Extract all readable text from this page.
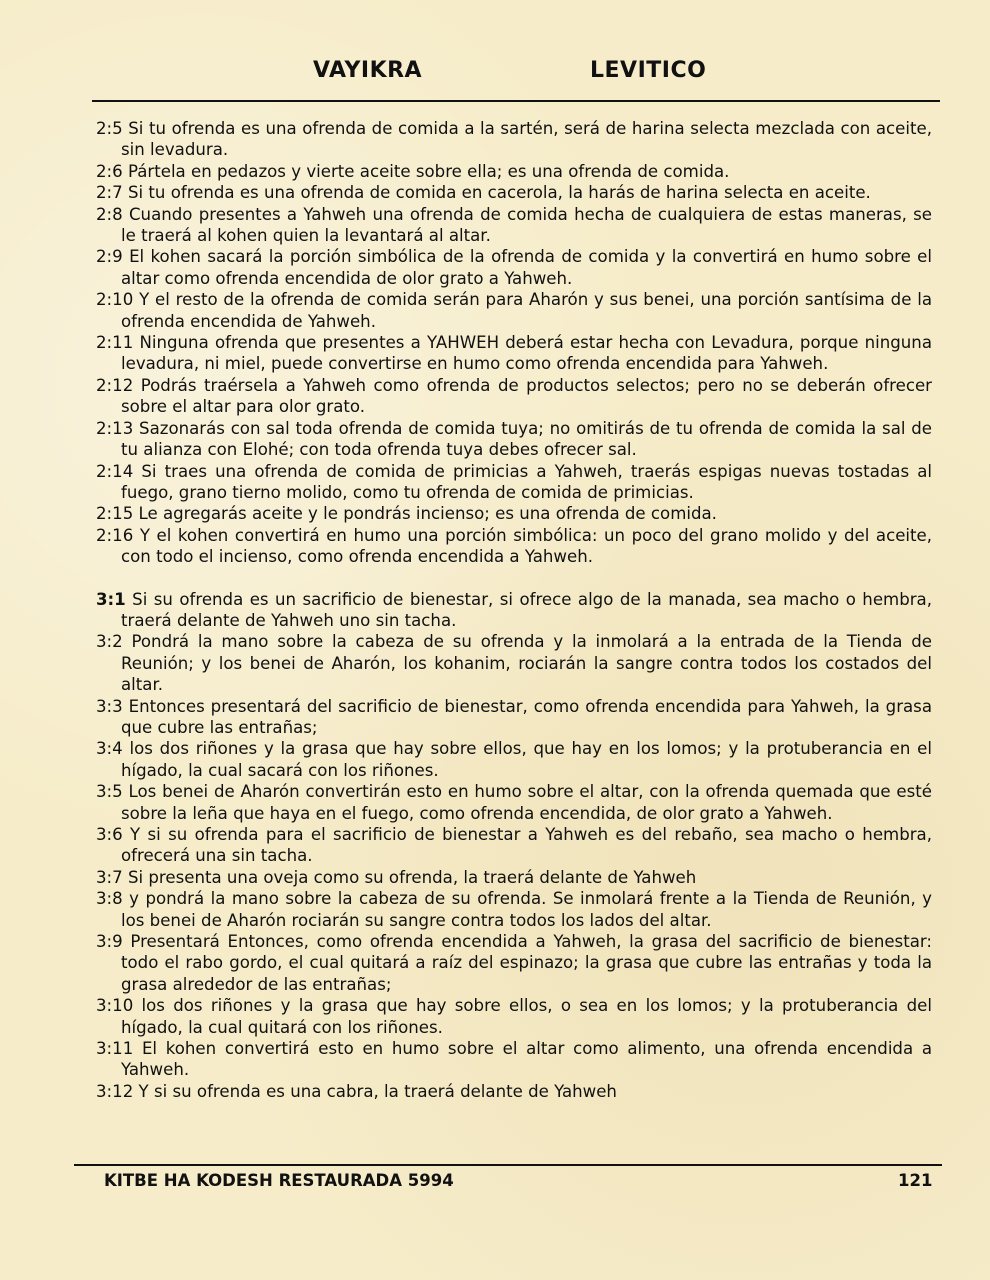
VAYIKRA	LEVITICO

2:5 Si tu ofrenda es una ofrenda de comida a la sartén, será de harina selecta mezclada con aceite, sin levadura.

2:6 Pártela en pedazos y vierte aceite sobre ella; es una ofrenda de comida.

2:7 Si tu ofrenda es una ofrenda de comida en cacerola, la harás de harina selecta en aceite.

2:8 Cuando presentes a Yahweh una ofrenda de comida hecha de cualquiera de estas maneras, se le traerá al kohen quien la levantará al altar.

2:9 El kohen sacará la porción simbólica de la ofrenda de comida y la convertirá en humo sobre el altar como ofrenda encendida de olor grato a Yahweh.

2:10 Y el resto de la ofrenda de comida serán para Aharón y sus benei, una porción santísima de la ofrenda encendida de Yahweh.

2:11 Ninguna ofrenda que presentes a YAHWEH deberá estar hecha con Levadura, porque ninguna levadura, ni miel, puede convertirse en humo como ofrenda encendida para Yahweh.

2:12 Podrás traérsela a Yahweh como ofrenda de productos selectos; pero no se deberán ofrecer sobre el altar para olor grato.

2:13 Sazonarás con sal toda ofrenda de comida tuya; no omitirás de tu ofrenda de comida la sal de tu alianza con Elohé; con toda ofrenda tuya debes ofrecer sal.

2:14 Si traes una ofrenda de comida de primicias a Yahweh, traerás espigas nuevas tostadas al fuego, grano tierno molido, como tu ofrenda de comida de primicias.

2:15 Le agregarás aceite y le pondrás incienso; es una ofrenda de comida.

2:16 Y el kohen convertirá en humo una porción simbólica: un poco del grano molido y del aceite, con todo el incienso, como ofrenda encendida a Yahweh.

3:1 Si su ofrenda es un sacrificio de bienestar, si ofrece algo de la manada, sea macho o hembra, traerá delante de Yahweh uno sin tacha.

3:2 Pondrá la mano sobre la cabeza de su ofrenda y la inmolará a la entrada de la Tienda de Reunión; y los benei de Aharón, los kohanim, rociarán la sangre contra todos los costados del altar.

3:3 Entonces presentará del sacrificio de bienestar, como ofrenda encendida para Yahweh, la grasa que cubre las entrañas;

3:4 los dos riñones y la grasa que hay sobre ellos, que hay en los lomos; y la protuberancia en el hígado, la cual sacará con los riñones.

3:5 Los benei de Aharón convertirán esto en humo sobre el altar, con la ofrenda quemada que esté sobre la leña que haya en el fuego, como ofrenda encendida, de olor grato a Yahweh.

3:6 Y si su ofrenda para el sacrificio de bienestar a Yahweh es del rebaño, sea macho o hembra, ofrecerá una sin tacha.

3:7 Si presenta una oveja como su ofrenda, la traerá delante de Yahweh

3:8 y pondrá la mano sobre la cabeza de su ofrenda. Se inmolará frente a la Tienda de Reunión, y los benei de Aharón rociarán su sangre contra todos los lados del altar.

3:9 Presentará Entonces, como ofrenda encendida a Yahweh, la grasa del sacrificio de bienestar: todo el rabo gordo, el cual quitará a raíz del espinazo; la grasa que cubre las entrañas y toda la grasa alrededor de las entrañas;

3:10 los dos riñones y la grasa que hay sobre ellos, o sea en los lomos; y la protuberancia del hígado, la cual quitará con los riñones.

3:11 El kohen convertirá esto en humo sobre el altar como alimento, una ofrenda encendida a Yahweh.

3:12 Y si su ofrenda es una cabra, la traerá delante de Yahweh

KITBE HA KODESH RESTAURADA 5994	121
